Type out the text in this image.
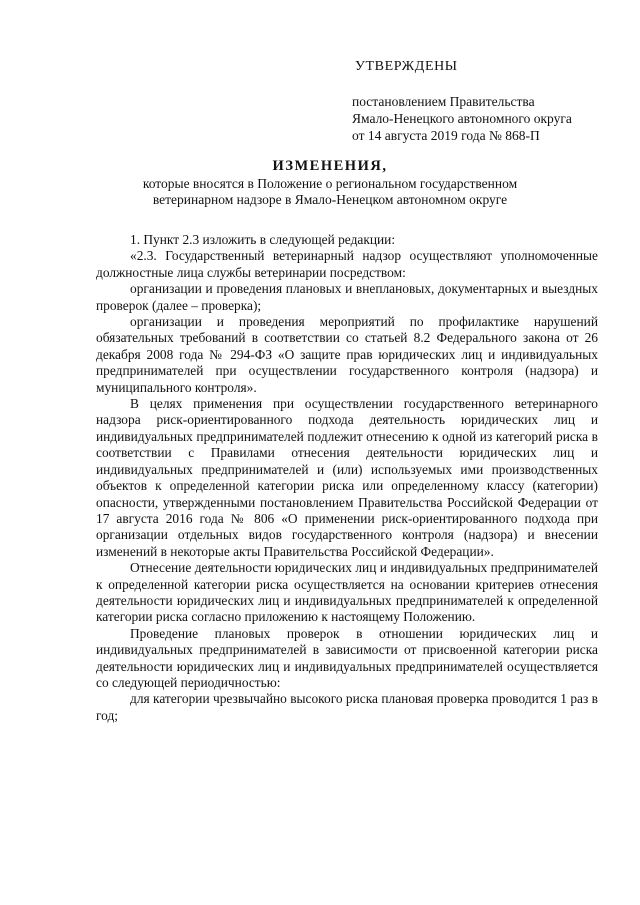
УТВЕРЖДЕНЫ
постановлением Правительства
Ямало-Ненецкого автономного округа
от 14 августа 2019 года № 868-П
ИЗМЕНЕНИЯ,
которые вносятся в Положение о региональном государственном
ветеринарном надзоре в Ямало-Ненецком автономном округе

1. Пункт 2.3 изложить в следующей редакции:

«2.3. Государственный ветеринарный надзор осуществляют уполномоченные должностные лица службы ветеринарии посредством:

организации и проведения плановых и внеплановых, документарных и выездных проверок (далее – проверка);

организации и проведения мероприятий по профилактике нарушений обязательных требований в соответствии со статьей 8.2 Федерального закона от 26 декабря 2008 года № 294-ФЗ «О защите прав юридических лиц и индивидуальных предпринимателей при осуществлении государственного контроля (надзора) и муниципального контроля».

В целях применения при осуществлении государственного ветеринарного надзора риск-ориентированного подхода деятельность юридических лиц и индивидуальных предпринимателей подлежит отнесению к одной из категорий риска в соответствии с Правилами отнесения деятельности юридических лиц и индивидуальных предпринимателей и (или) используемых ими производственных объектов к определенной категории риска или определенному классу (категории) опасности, утвержденными постановлением Правительства Российской Федерации от 17 августа 2016 года № 806 «О применении риск-ориентированного подхода при организации отдельных видов государственного контроля (надзора) и внесении изменений в некоторые акты Правительства Российской Федерации».

Отнесение деятельности юридических лиц и индивидуальных предпринимателей к определенной категории риска осуществляется на основании критериев отнесения деятельности юридических лиц и индивидуальных предпринимателей к определенной категории риска согласно приложению к настоящему Положению.

Проведение плановых проверок в отношении юридических лиц и индивидуальных предпринимателей в зависимости от присвоенной категории риска деятельности юридических лиц и индивидуальных предпринимателей осуществляется со следующей периодичностью:

для категории чрезвычайно высокого риска плановая проверка проводится 1 раз в год;
